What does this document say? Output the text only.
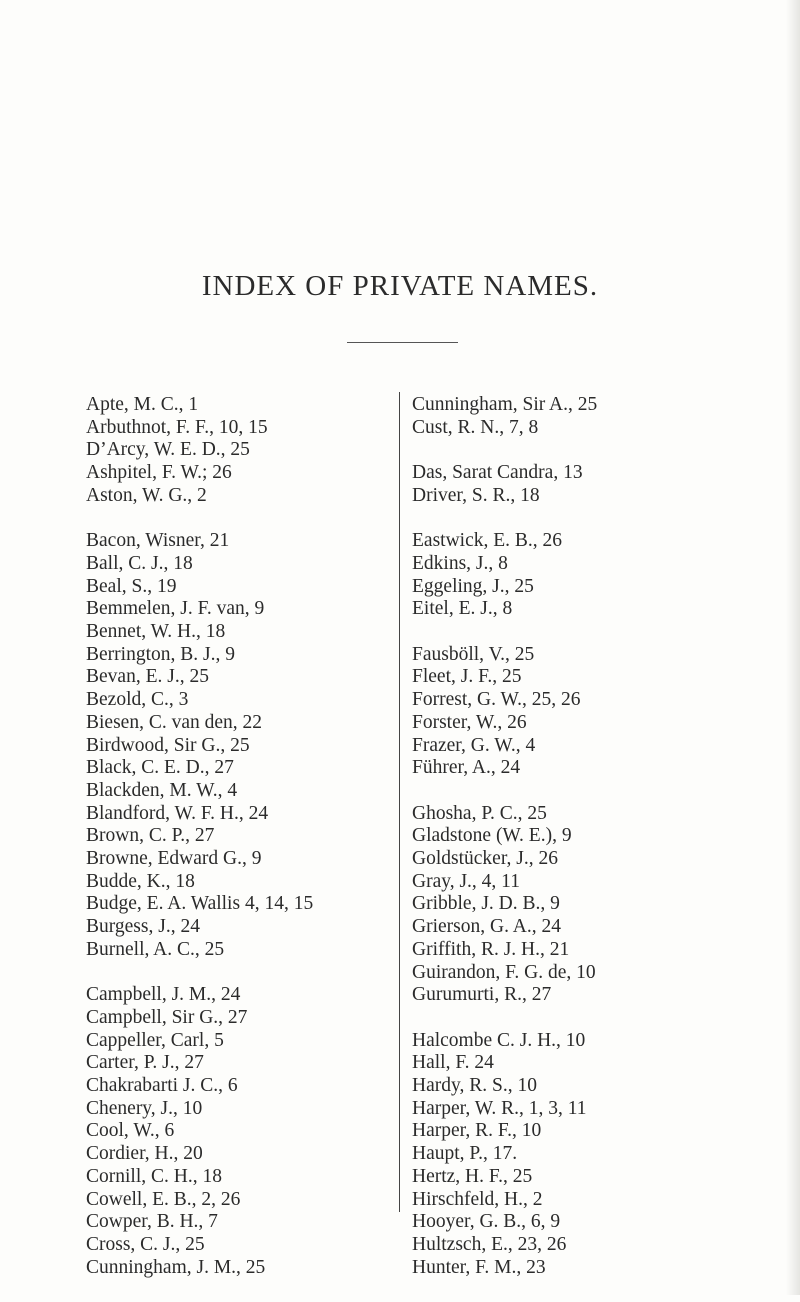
INDEX OF PRIVATE NAMES.
Apte, M. C., 1
Arbuthnot, F. F., 10, 15
D’Arcy, W. E. D., 25
Ashpitel, F. W.; 26
Aston, W. G., 2
Bacon, Wisner, 21
Ball, C. J., 18
Beal, S., 19
Bemmelen, J. F. van, 9
Bennet, W. H., 18
Berrington, B. J., 9
Bevan, E. J., 25
Bezold, C., 3
Biesen, C. van den, 22
Birdwood, Sir G., 25
Black, C. E. D., 27
Blackden, M. W., 4
Blandford, W. F. H., 24
Brown, C. P., 27
Browne, Edward G., 9
Budde, K., 18
Budge, E. A. Wallis 4, 14, 15
Burgess, J., 24
Burnell, A. C., 25
Campbell, J. M., 24
Campbell, Sir G., 27
Cappeller, Carl, 5
Carter, P. J., 27
Chakrabarti J. C., 6
Chenery, J., 10
Cool, W., 6
Cordier, H., 20
Cornill, C. H., 18
Cowell, E. B., 2, 26
Cowper, B. H., 7
Cross, C. J., 25
Cunningham, J. M., 25
Cunningham, Sir A., 25
Cust, R. N., 7, 8
Das, Sarat Candra, 13
Driver, S. R., 18
Eastwick, E. B., 26
Edkins, J., 8
Eggeling, J., 25
Eitel, E. J., 8
Fausböll, V., 25
Fleet, J. F., 25
Forrest, G. W., 25, 26
Forster, W., 26
Frazer, G. W., 4
Führer, A., 24
Ghosha, P. C., 25
Gladstone (W. E.), 9
Goldstücker, J., 26
Gray, J., 4, 11
Gribble, J. D. B., 9
Grierson, G. A., 24
Griffith, R. J. H., 21
Guirandon, F. G. de, 10
Gurumurti, R., 27
Halcombe C. J. H., 10
Hall, F. 24
Hardy, R. S., 10
Harper, W. R., 1, 3, 11
Harper, R. F., 10
Haupt, P., 17.
Hertz, H. F., 25
Hirschfeld, H., 2
Hooyer, G. B., 6, 9
Hultzsch, E., 23, 26
Hunter, F. M., 23
